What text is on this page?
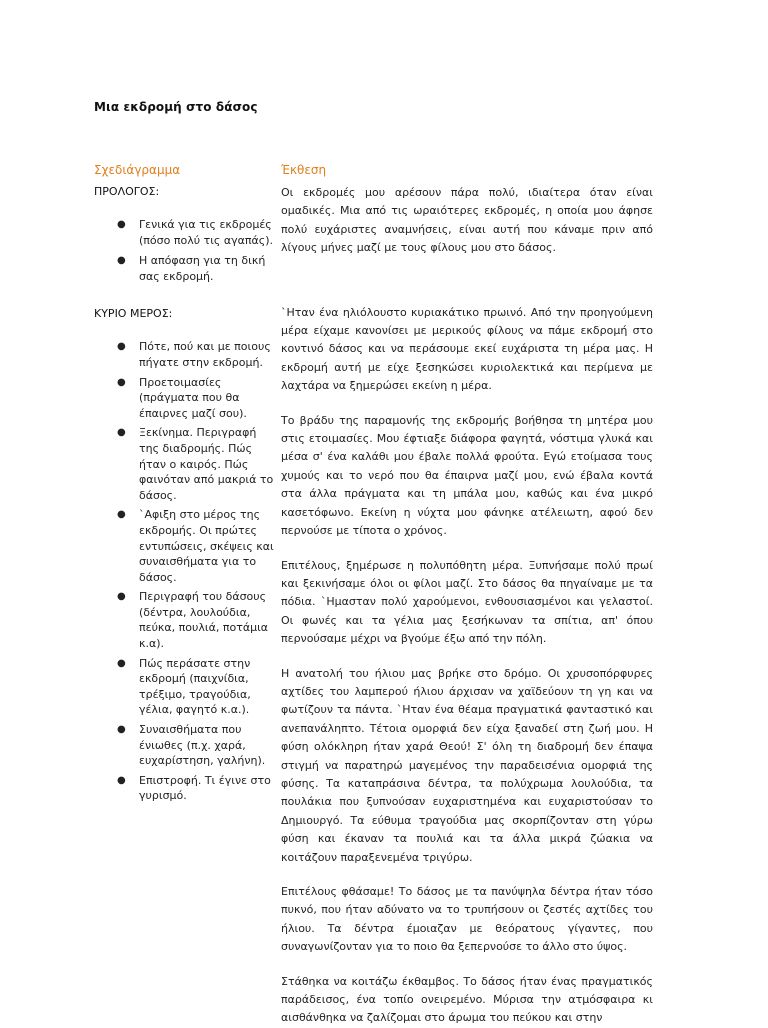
Μια εκδρομή στο δάσος
Σχεδιάγραμμα
ΠΡΟΛΟΓΟΣ:
● Γενικά για τις εκδρομές (πόσο πολύ τις αγαπάς).
● Η απόφαση για τη δική σας εκδρομή.
ΚΥΡΙΟ ΜΕΡΟΣ:
● Πότε, πού και με ποιους πήγατε στην εκδρομή.
● Προετοιμασίες (πράγματα που θα έπαιρνες μαζί σου).
● Ξεκίνημα. Περιγραφή της διαδρομής. Πώς ήταν ο καιρός. Πώς φαινόταν από μακριά το δάσος.
● `Αφιξη στο μέρος της εκδρομής. Οι πρώτες εντυπώσεις, σκέψεις και συναισθήματα για το δάσος.
● Περιγραφή του δάσους (δέντρα, λουλούδια, πεύκα, πουλιά, ποτάμια κ.α).
● Πώς περάσατε στην εκδρομή (παιχνίδια, τρέξιμο, τραγούδια, γέλια, φαγητό κ.α.).
● Συναισθήματα που ένιωθες (π.χ. χαρά, ευχαρίστηση, γαλήνη).
● Επιστροφή. Τι έγινε στο γυρισμό.
Έκθεση

Οι εκδρομές μου αρέσουν πάρα πολύ, ιδιαίτερα όταν είναι ομαδικές. Μια από τις ωραιότερες εκδρομές, η οποία μου άφησε πολύ ευχάριστες αναμνήσεις, είναι αυτή που κάναμε πριν από λίγους μήνες μαζί με τους φίλους μου στο δάσος.

`Ηταν ένα ηλιόλουστο κυριακάτικο πρωινό. Από την προηγούμενη μέρα είχαμε κανονίσει με μερικούς φίλους να πάμε εκδρομή στο κοντινό δάσος και να περάσουμε εκεί ευχάριστα τη μέρα μας. Η εκδρομή αυτή με είχε ξεσηκώσει κυριολεκτικά και περίμενα με λαχτάρα να ξημερώσει εκείνη η μέρα.

Το βράδυ της παραμονής της εκδρομής βοήθησα τη μητέρα μου στις ετοιμασίες. Μου έφτιαξε διάφορα φαγητά, νόστιμα γλυκά και μέσα σ' ένα καλάθι μου έβαλε πολλά φρούτα. Εγώ ετοίμασα τους χυμούς και το νερό που θα έπαιρνα μαζί μου, ενώ έβαλα κοντά στα άλλα πράγματα και τη μπάλα μου, καθώς και ένα μικρό κασετόφωνο. Εκείνη η νύχτα μου φάνηκε ατέλειωτη, αφού δεν περνούσε με τίποτα ο χρόνος.

Επιτέλους, ξημέρωσε η πολυπόθητη μέρα. Ξυπνήσαμε πολύ πρωί και ξεκινήσαμε όλοι οι φίλοι μαζί. Στο δάσος θα πηγαίναμε με τα πόδια. `Ημασταν πολύ χαρούμενοι, ενθουσιασμένοι και γελαστοί. Οι φωνές και τα γέλια μας ξεσήκωναν τα σπίτια, απ' όπου περνούσαμε μέχρι να βγούμε έξω από την πόλη.

Η ανατολή του ήλιου μας βρήκε στο δρόμο. Οι χρυσοπόρφυρες αχτίδες του λαμπερού ήλιου άρχισαν να χαϊδεύουν τη γη και να φωτίζουν τα πάντα. `Ηταν ένα θέαμα πραγματικά φανταστικό και ανεπανάληπτο. Τέτοια ομορφιά δεν είχα ξαναδεί στη ζωή μου. Η φύση ολόκληρη ήταν χαρά Θεού! Σ' όλη τη διαδρομή δεν έπαψα στιγμή να παρατηρώ μαγεμένος την παραδεισένια ομορφιά της φύσης. Τα καταπράσινα δέντρα, τα πολύχρωμα λουλούδια, τα πουλάκια που ξυπνούσαν ευχαριστημένα και ευχαριστούσαν το Δημιουργό. Τα εύθυμα τραγούδια μας σκορπίζονταν στη γύρω φύση και έκαναν τα πουλιά και τα άλλα μικρά ζώακια να κοιτάζουν παραξενεμένα τριγύρω.

Επιτέλους φθάσαμε! Το δάσος με τα πανύψηλα δέντρα ήταν τόσο πυκνό, που ήταν αδύνατο να το τρυπήσουν οι ζεστές αχτίδες του ήλιου. Τα δέντρα έμοιαζαν με θεόρατους γίγαντες, που συναγωνίζονταν για το ποιο θα ξεπερνούσε το άλλο στο ύψος.

Στάθηκα να κοιτάζω έκθαμβος. Το δάσος ήταν ένας πραγματικός παράδεισος, ένα τοπίο ονειρεμένο. Μύρισα την ατμόσφαιρα κι αισθάνθηκα να ζαλίζομαι στο άρωμα του πεύκου και στην
